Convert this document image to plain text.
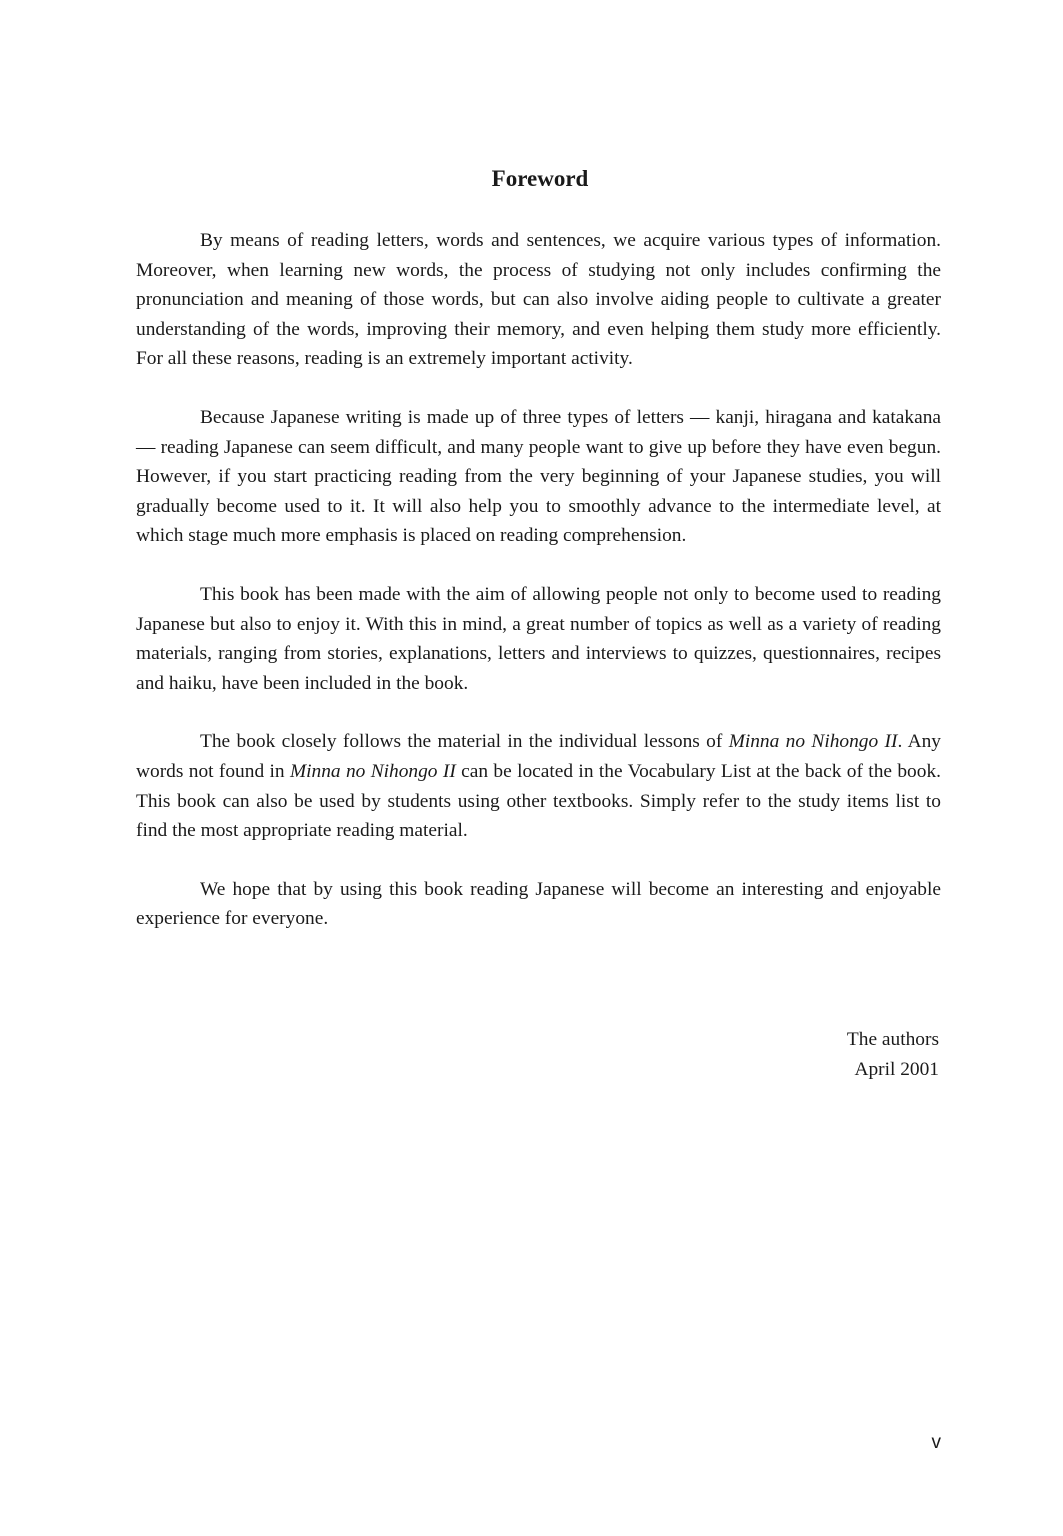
Foreword

By means of reading letters, words and sentences, we acquire various types of information. Moreover, when learning new words, the process of studying not only includes confirming the pronunciation and meaning of those words, but can also involve aiding people to cultivate a greater understanding of the words, improving their memory, and even helping them study more efficiently. For all these reasons, reading is an extremely important activity.

Because Japanese writing is made up of three types of letters — kanji, hiragana and katakana — reading Japanese can seem difficult, and many people want to give up before they have even begun. However, if you start practicing reading from the very beginning of your Japanese studies, you will gradually become used to it. It will also help you to smoothly advance to the intermediate level, at which stage much more emphasis is placed on reading comprehension.

This book has been made with the aim of allowing people not only to become used to reading Japanese but also to enjoy it. With this in mind, a great number of topics as well as a variety of reading materials, ranging from stories, explanations, letters and interviews to quizzes, questionnaires, recipes and haiku, have been included in the book.

The book closely follows the material in the individual lessons of Minna no Nihongo II. Any words not found in Minna no Nihongo II can be located in the Vocabulary List at the back of the book. This book can also be used by students using other textbooks. Simply refer to the study items list to find the most appropriate reading material.

We hope that by using this book reading Japanese will become an interesting and enjoyable experience for everyone.

The authors
April 2001
v
